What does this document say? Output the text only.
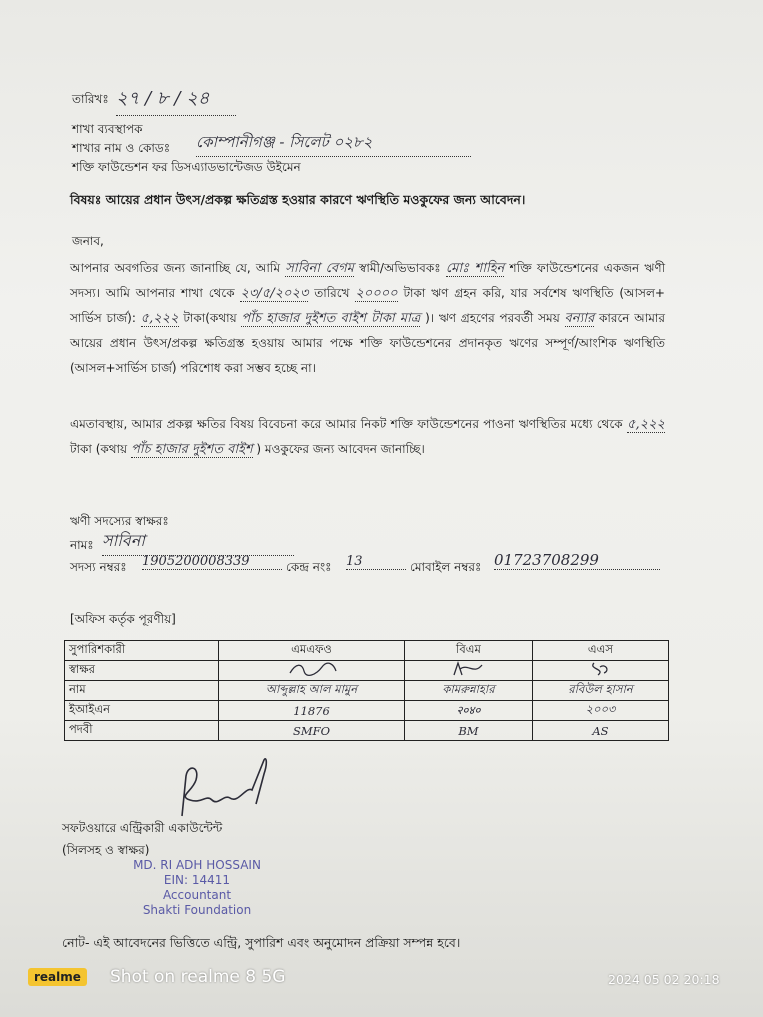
তারিখঃ ২৭ / ৮ / ২৪
শাখা ব্যবস্থাপক
শাখার নাম ও কোডঃ কোম্পানীগঞ্জ - সিলেট ০২৮২
শক্তি ফাউন্ডেশন ফর ডিসএ্যাডভান্টেজড উইমেন
বিষয়ঃ আয়ের প্রধান উৎস/প্রকল্প ক্ষতিগ্রস্ত হওয়ার কারণে ঋণস্থিতি মওকুফের জন্য আবেদন।
জনাব,
আপনার অবগতির জন্য জানাচ্ছি যে, আমি সাবিনা বেগম স্বামী/অভিভাবকঃ মোঃ শাহিন শক্তি ফাউন্ডেশনের একজন ঋণী সদস্য। আমি আপনার শাখা থেকে ২৩/৫/২০২৩ তারিখে ২০০০০ টাকা ঋণ গ্রহন করি, যার সর্বশেষ ঋণস্থিতি (আসল+ সার্ভিস চার্জ): ৫,২২২ টাকা(কথায় পাঁচ হাজার দুইশত বাইশ টাকা মাত্র )। ঋণ গ্রহণের পরবর্তী সময় বন্যার কারনে আমার আয়ের প্রধান উৎস/প্রকল্প ক্ষতিগ্রস্ত হওয়ায় আমার পক্ষে শক্তি ফাউন্ডেশনের প্রদানকৃত ঋণের সম্পূর্ণ/আংশিক ঋণস্থিতি (আসল+সার্ভিস চার্জ) পরিশোধ করা সম্ভব হচ্ছে না।
এমতাবস্থায়, আমার প্রকল্প ক্ষতির বিষয় বিবেচনা করে আমার নিকট শক্তি ফাউন্ডেশনের পাওনা ঋণস্থিতির মধ্যে থেকে ৫,২২২ টাকা (কথায় পাঁচ হাজার দুইশত বাইশ ) মওকুফের জন্য আবেদন জানাচ্ছি।
ঋণী সদস্যের স্বাক্ষরঃ
নামঃ সাবিনা
সদস্য নম্বরঃ 1905200008339	কেন্দ্র নংঃ 13	মোবাইল নম্বরঃ 01723708299
[অফিস কর্তৃক পূরণীয়]
সুপারিশকারী	এমএফও	বিএম	এএস
স্বাক্ষর			
নাম	আব্দুল্লাহ আল মামুন	কামরুন্নাহার	রবিউল হাসান
ইআইএন	11876	२०४०	২০০৩
পদবী	SMFO	BM	AS
সফটওয়ারে এন্ট্রিকারী একাউন্টেন্ট
(সিলসহ ও স্বাক্ষর)
MD. RI ADH HOSSAIN
EIN: 14411
Accountant
Shakti Foundation
নোট- এই আবেদনের ভিত্তিতে এন্ট্রি, সুপারিশ এবং অনুমোদন প্রক্রিয়া সম্পন্ন হবে।
realme	Shot on realme 8 5G	2024 05 02 20:18
